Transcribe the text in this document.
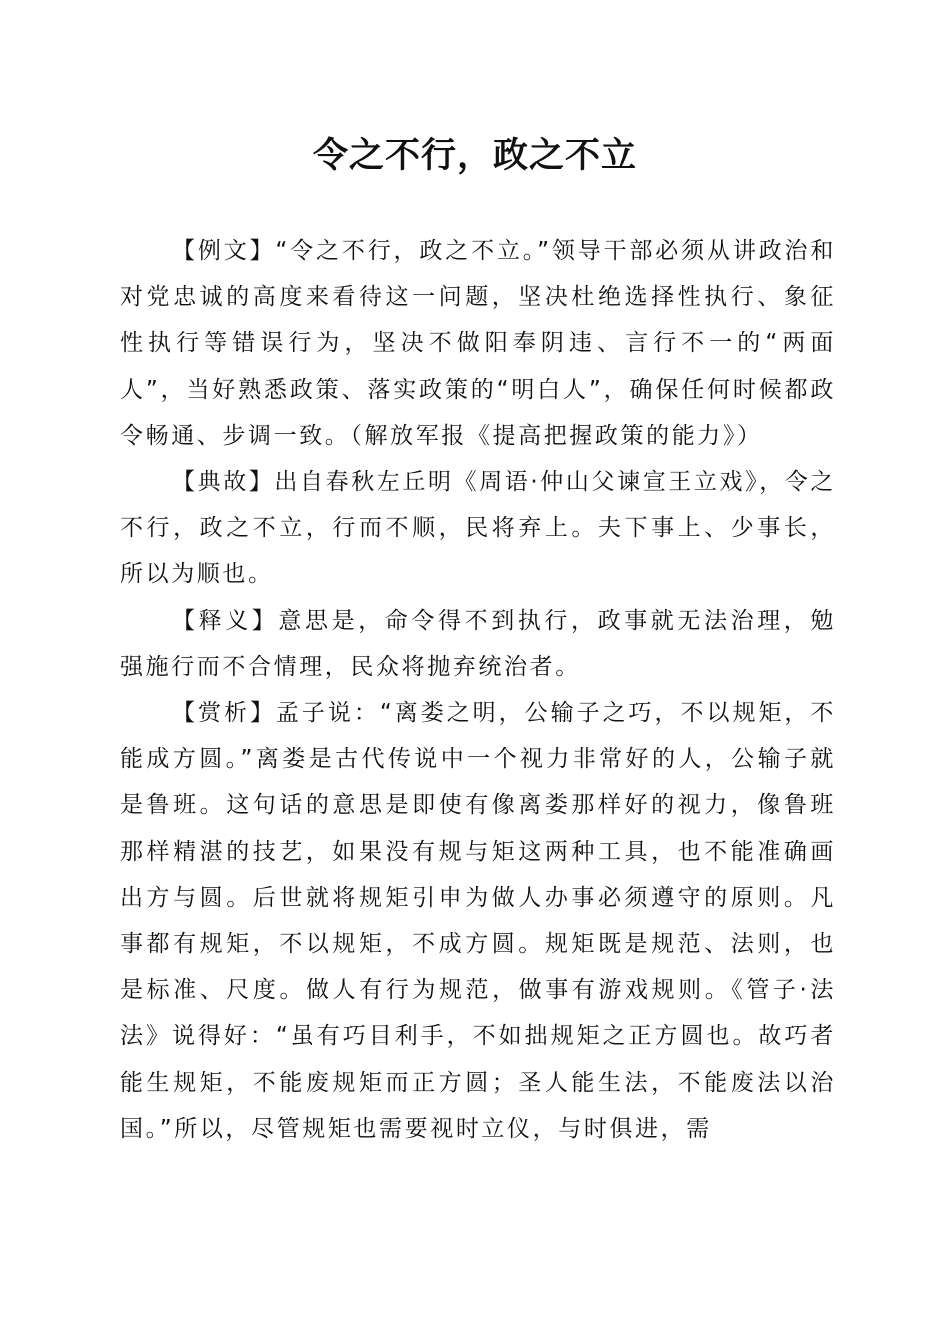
令之不行，政之不立

【例文】“令之不行，政之不立。”领导干部必须从讲政治和对党忠诚的高度来看待这一问题，坚决杜绝选择性执行、象征性执行等错误行为，坚决不做阳奉阴违、言行不一的“两面人”，当好熟悉政策、落实政策的“明白人”，确保任何时候都政令畅通、步调一致。（解放军报《提高把握政策的能力》）

【典故】出自春秋左丘明《周语·仲山父谏宣王立戏》，令之不行，政之不立，行而不顺，民将弃上。夫下事上、少事长，所以为顺也。

【释义】意思是，命令得不到执行，政事就无法治理，勉强施行而不合情理，民众将抛弃统治者。

【赏析】孟子说：“离娄之明，公输子之巧，不以规矩，不能成方圆。”离娄是古代传说中一个视力非常好的人，公输子就是鲁班。这句话的意思是即使有像离娄那样好的视力，像鲁班那样精湛的技艺，如果没有规与矩这两种工具，也不能准确画出方与圆。后世就将规矩引申为做人办事必须遵守的原则。凡事都有规矩，不以规矩，不成方圆。规矩既是规范、法则，也是标准、尺度。做人有行为规范，做事有游戏规则。《管子·法法》说得好：“虽有巧目利手，不如拙规矩之正方圆也。故巧者能生规矩，不能废规矩而正方圆；圣人能生法，不能废法以治国。”所以，尽管规矩也需要视时立仪，与时俱进，需
